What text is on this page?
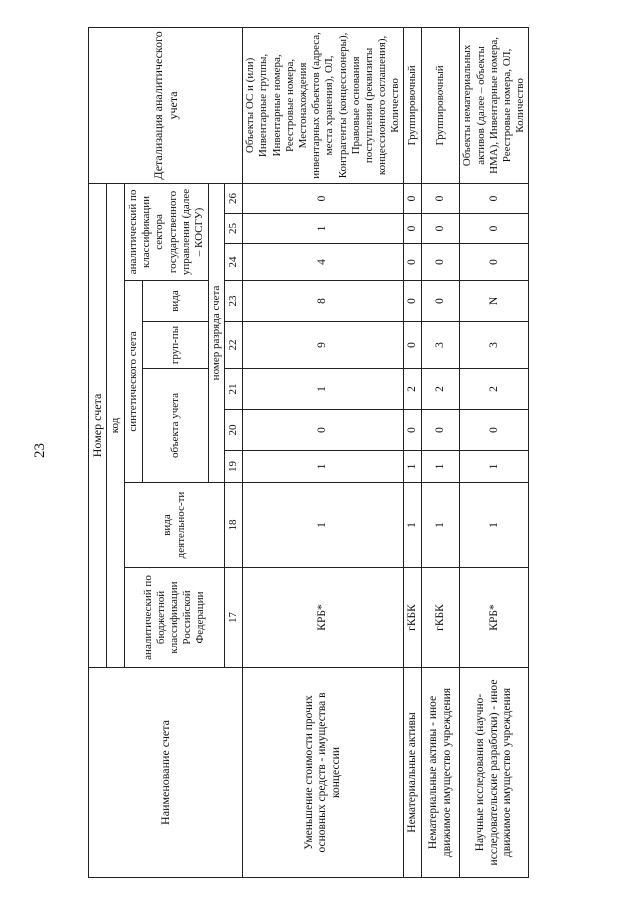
23
Наименование счета	Номер счета										Детализация аналитического учета
	код										
	аналитический по бюджетной классификации Российской Федерации	вида деятельнос-ти	синтетического счета					аналитический по классификации сектора государственного управления (далее – КОСГУ)			
			объекта учета			груп-пы	вида				
			номер разряда счета								
	17	18	19	20	21	22	23	24	25	26	
Уменьшение стоимости прочих основных средств - имущества в концессии	КРБ*	1	1	0	1	9	8	4	1	0	Объекты ОС и (или) Инвентарные группы, Инвентарные номера, Реестровые номера, Местонахождения инвентарных объектов (адреса, места хранения), ОЛ, Контрагенты (концессионеры), Правовые основания поступления (реквизиты концессионного соглашения), Количество
Нематериальные активы	гКБК	1	1	0	2	0	0	0	0	0	Группировочный
Нематериальные активы - иное движимое имущество учреждения	гКБК	1	1	0	2	3	0	0	0	0	Группировочный
Научные исследования (научно-исследовательские разработки) - иное движимое имущество учреждения	КРБ*	1	1	0	2	3	N	0	0	0	Объекты нематериальных активов (далее – объекты НМА), Инвентарные номера, Реестровые номера, ОЛ, Количество
